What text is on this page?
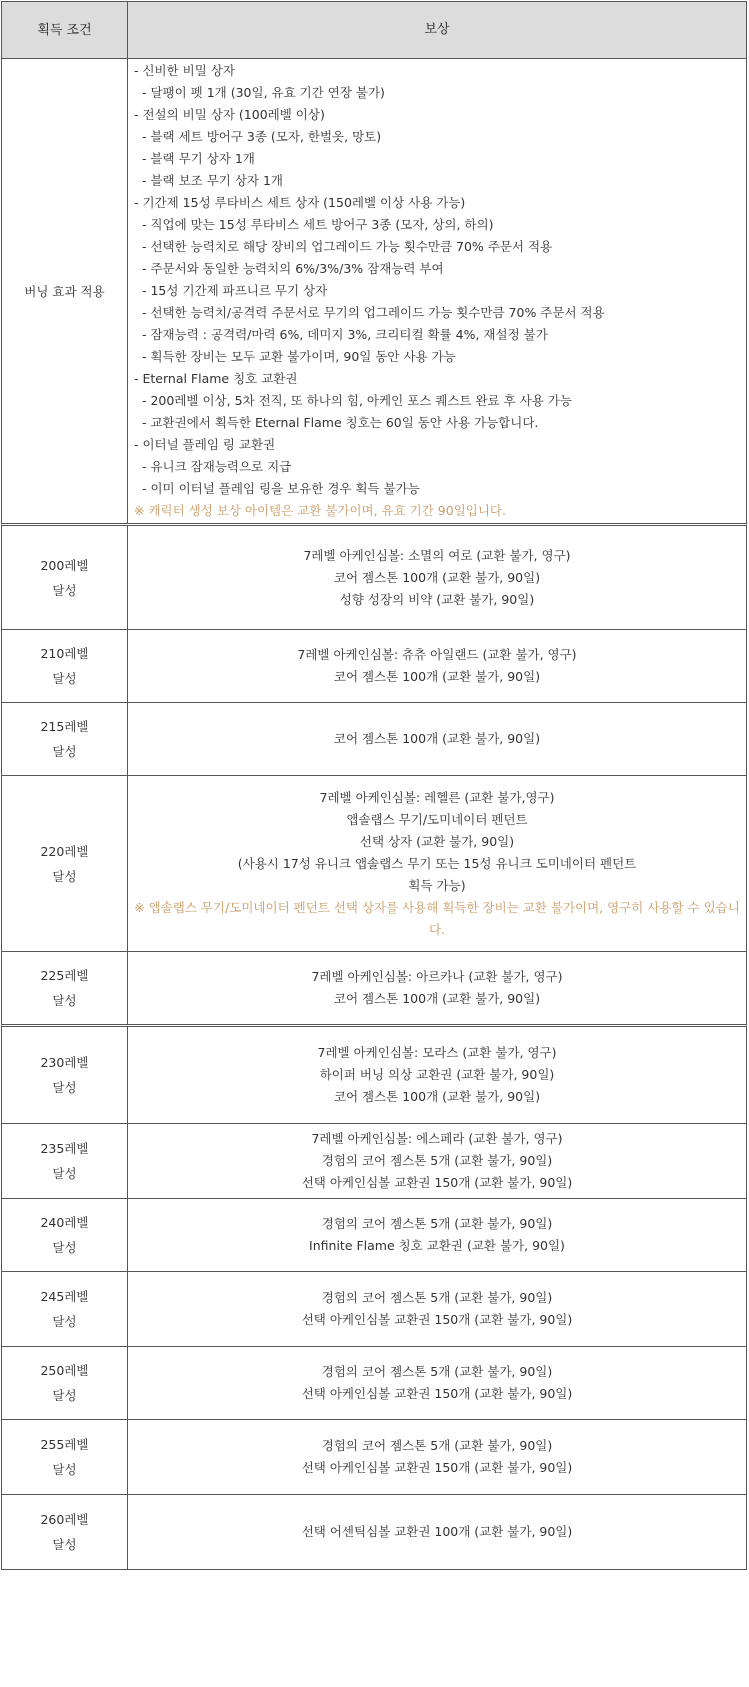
획득 조건	보상
버닝 효과 적용
- 신비한 비밀 상자
- 달팽이 펫 1개 (30일, 유효 기간 연장 불가)
- 전설의 비밀 상자 (100레벨 이상)
- 블랙 세트 방어구 3종 (모자, 한벌옷, 망토)
- 블랙 무기 상자 1개
- 블랙 보조 무기 상자 1개
- 기간제 15성 루타비스 세트 상자 (150레벨 이상 사용 가능)
- 직업에 맞는 15성 루타비스 세트 방어구 3종 (모자, 상의, 하의)
- 선택한 능력치로 해당 장비의 업그레이드 가능 횟수만큼 70% 주문서 적용
- 주문서와 동일한 능력치의 6%/3%/3% 잠재능력 부여
- 15성 기간제 파프니르 무기 상자
- 선택한 능력치/공격력 주문서로 무기의 업그레이드 가능 횟수만큼 70% 주문서 적용
- 잠재능력 : 공격력/마력 6%, 데미지 3%, 크리티컬 확률 4%, 재설정 불가
- 획득한 장비는 모두 교환 불가이며, 90일 동안 사용 가능
- Eternal Flame 칭호 교환권
- 200레벨 이상, 5차 전직, 또 하나의 힘, 아케인 포스 퀘스트 완료 후 사용 가능
- 교환권에서 획득한 Eternal Flame 칭호는 60일 동안 사용 가능합니다.
- 이터널 플레임 링 교환권
- 유니크 잠재능력으로 지급
- 이미 이터널 플레임 링을 보유한 경우 획득 불가능
※ 캐릭터 생성 보상 아이템은 교환 불가이며, 유효 기간 90일입니다.
200레벨
달성
7레벨 아케인심볼: 소멸의 여로 (교환 불가, 영구)
코어 젬스톤 100개 (교환 불가, 90일)
성향 성장의 비약 (교환 불가, 90일)
210레벨
달성
7레벨 아케인심볼: 츄츄 아일랜드 (교환 불가, 영구)
코어 젬스톤 100개 (교환 불가, 90일)
215레벨
달성
코어 젬스톤 100개 (교환 불가, 90일)
220레벨
달성
7레벨 아케인심볼: 레헬른 (교환 불가,영구)
앱솔랩스 무기/도미네이터 펜던트
선택 상자 (교환 불가, 90일)
(사용시 17성 유니크 앱솔랩스 무기 또는 15성 유니크 도미네이터 펜던트
획득 가능)
※ 앱솔랩스 무기/도미네이터 펜던트 선택 상자를 사용해 획득한 장비는 교환 불가이며, 영구히 사용할 수 있습니다.
225레벨
달성
7레벨 아케인심볼: 아르카나 (교환 불가, 영구)
코어 젬스톤 100개 (교환 불가, 90일)
230레벨
달성
7레벨 아케인심볼: 모라스 (교환 불가, 영구)
하이퍼 버닝 의상 교환권 (교환 불가, 90일)
코어 젬스톤 100개 (교환 불가, 90일)
235레벨
달성
7레벨 아케인심볼: 에스페라 (교환 불가, 영구)
경험의 코어 젬스톤 5개 (교환 불가, 90일)
선택 아케인심볼 교환권 150개 (교환 불가, 90일)
240레벨
달성
경험의 코어 젬스톤 5개 (교환 불가, 90일)
Infinite Flame 칭호 교환권 (교환 불가, 90일)
245레벨
달성
경험의 코어 젬스톤 5개 (교환 불가, 90일)
선택 아케인심볼 교환권 150개 (교환 불가, 90일)
250레벨
달성
경험의 코어 젬스톤 5개 (교환 불가, 90일)
선택 아케인심볼 교환권 150개 (교환 불가, 90일)
255레벨
달성
경험의 코어 젬스톤 5개 (교환 불가, 90일)
선택 아케인심볼 교환권 150개 (교환 불가, 90일)
260레벨
달성
선택 어센틱심볼 교환권 100개 (교환 불가, 90일)
